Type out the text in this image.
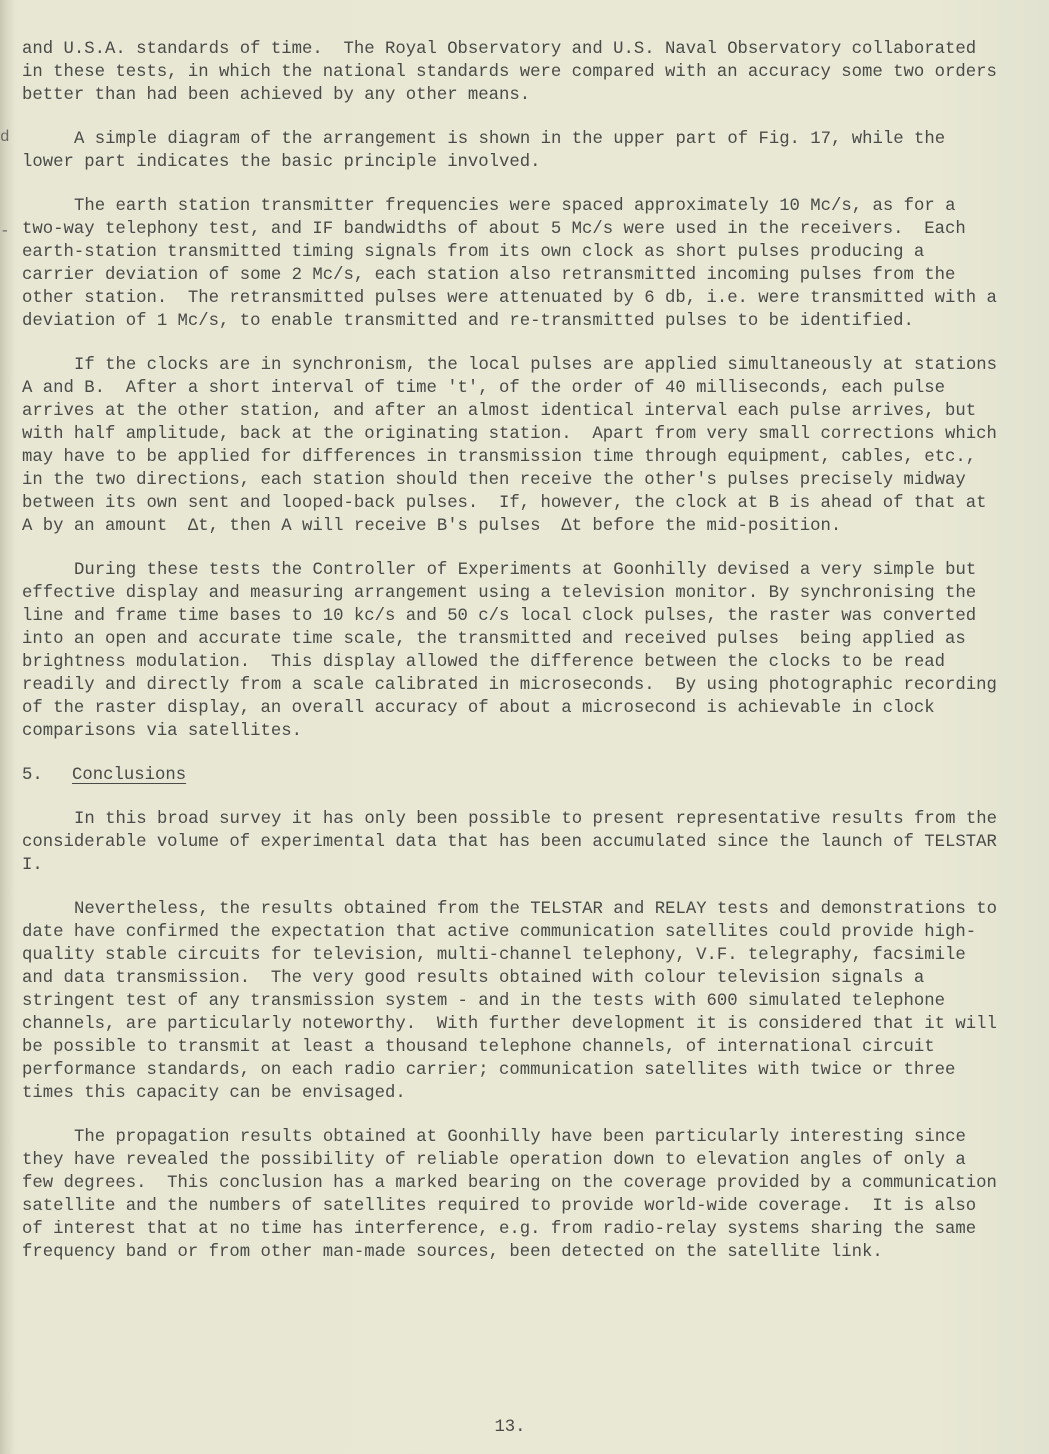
d
-

and U.S.A. standards of time.  The Royal Observatory and U.S. Naval Observatory collaborated in these tests, in which the national standards were compared with an accuracy some two orders better than had been achieved by any other means.

A simple diagram of the arrangement is shown in the upper part of Fig. 17, while the lower part indicates the basic principle involved.

The earth station transmitter frequencies were spaced approximately 10 Mc/s, as for a two-way telephony test, and IF bandwidths of about 5 Mc/s were used in the receivers.  Each earth-station transmitted timing signals from its own clock as short pulses producing a carrier deviation of some 2 Mc/s, each station also retransmitted incoming pulses from the other station.  The retransmitted pulses were attenuated by 6 db, i.e. were transmitted with a deviation of 1 Mc/s, to enable transmitted and re-transmitted pulses to be identified.

If the clocks are in synchronism, the local pulses are applied simultaneously at stations A and B.  After a short interval of time 't', of the order of 40 milliseconds, each pulse arrives at the other station, and after an almost identical interval each pulse arrives, but with half amplitude, back at the originating station.  Apart from very small corrections which may have to be applied for differences in transmission time through equipment, cables, etc., in the two directions, each station should then receive the other's pulses precisely midway between its own sent and looped-back pulses.  If, however, the clock at B is ahead of that at A by an amount  Δt, then A will receive B's pulses  Δt before the mid-position.

During these tests the Controller of Experiments at Goonhilly devised a very simple but effective display and measuring arrangement using a television monitor. By synchronising the line and frame time bases to 10 kc/s and 50 c/s local clock pulses, the raster was converted into an open and accurate time scale, the transmitted and received pulses  being applied as brightness modulation.  This display allowed the difference between the clocks to be read readily and directly from a scale calibrated in microseconds.  By using photographic recording of the raster display, an overall accuracy of about a microsecond is achievable in clock comparisons via satellites.

5. Conclusions

In this broad survey it has only been possible to present representative results from the considerable volume of experimental data that has been accumulated since the launch of TELSTAR I.

Nevertheless, the results obtained from the TELSTAR and RELAY tests and demonstrations to date have confirmed the expectation that active communication satellites could provide high-quality stable circuits for television, multi-channel telephony, V.F. telegraphy, facsimile and data transmission.  The very good results obtained with colour television signals a stringent test of any transmission system - and in the tests with 600 simulated telephone channels, are particularly noteworthy.  With further development it is considered that it will be possible to transmit at least a thousand telephone channels, of international circuit performance standards, on each radio carrier; communication satellites with twice or three times this capacity can be envisaged.

The propagation results obtained at Goonhilly have been particularly interesting since they have revealed the possibility of reliable operation down to elevation angles of only a few degrees.  This conclusion has a marked bearing on the coverage provided by a communication satellite and the numbers of satellites required to provide world-wide coverage.  It is also of interest that at no time has interference, e.g. from radio-relay systems sharing the same frequency band or from other man-made sources, been detected on the satellite link.

13.
